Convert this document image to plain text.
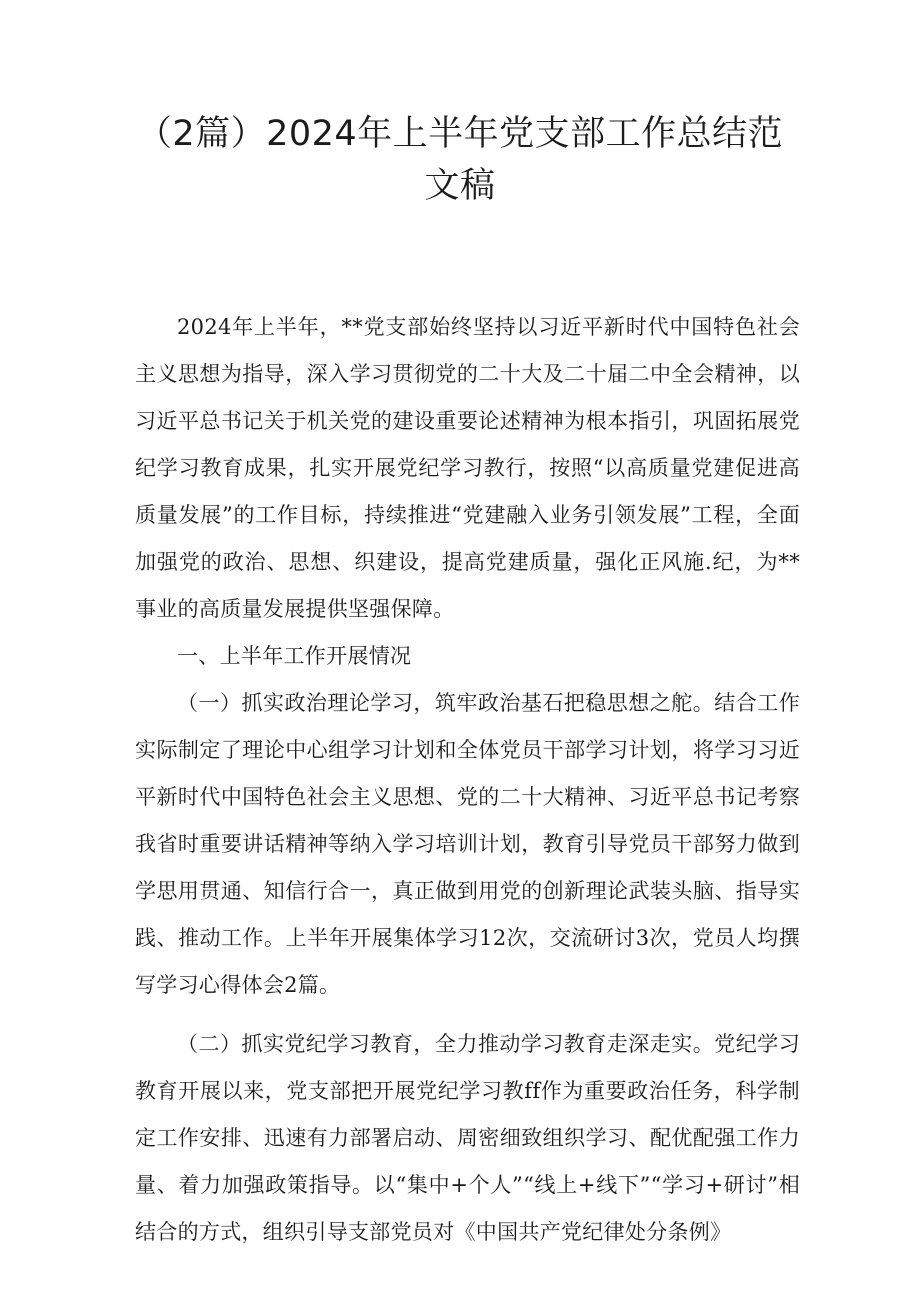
（2篇）2024年上半年党支部工作总结范文稿

2024年上半年，**党支部始终坚持以习近平新时代中国特色社会主义思想为指导，深入学习贯彻党的二十大及二十届二中全会精神，以习近平总书记关于机关党的建设重要论述精神为根本指引，巩固拓展党纪学习教育成果，扎实开展党纪学习教行，按照“以高质量党建促进高质量发展”的工作目标，持续推进“党建融入业务引领发展”工程，全面加强党的政治、思想、织建设，提高党建质量，强化正风施.纪，为**事业的高质量发展提供坚强保障。

一、上半年工作开展情况

（一）抓实政治理论学习，筑牢政治基石把稳思想之舵。结合工作实际制定了理论中心组学习计划和全体党员干部学习计划，将学习习近平新时代中国特色社会主义思想、党的二十大精神、习近平总书记考察我省时重要讲话精神等纳入学习培训计划，教育引导党员干部努力做到学思用贯通、知信行合一，真正做到用党的创新理论武装头脑、指导实践、推动工作。上半年开展集体学习12次，交流研讨3次，党员人均撰写学习心得体会2篇。

（二）抓实党纪学习教育，全力推动学习教育走深走实。党纪学习教育开展以来，党支部把开展党纪学习教ff作为重要政治任务，科学制定工作安排、迅速有力部署启动、周密细致组织学习、配优配强工作力量、着力加强政策指导。以“集中+个人”“线上+线下”“学习+研讨”相结合的方式，组织引导支部党员对《中国共产党纪律处分条例》
